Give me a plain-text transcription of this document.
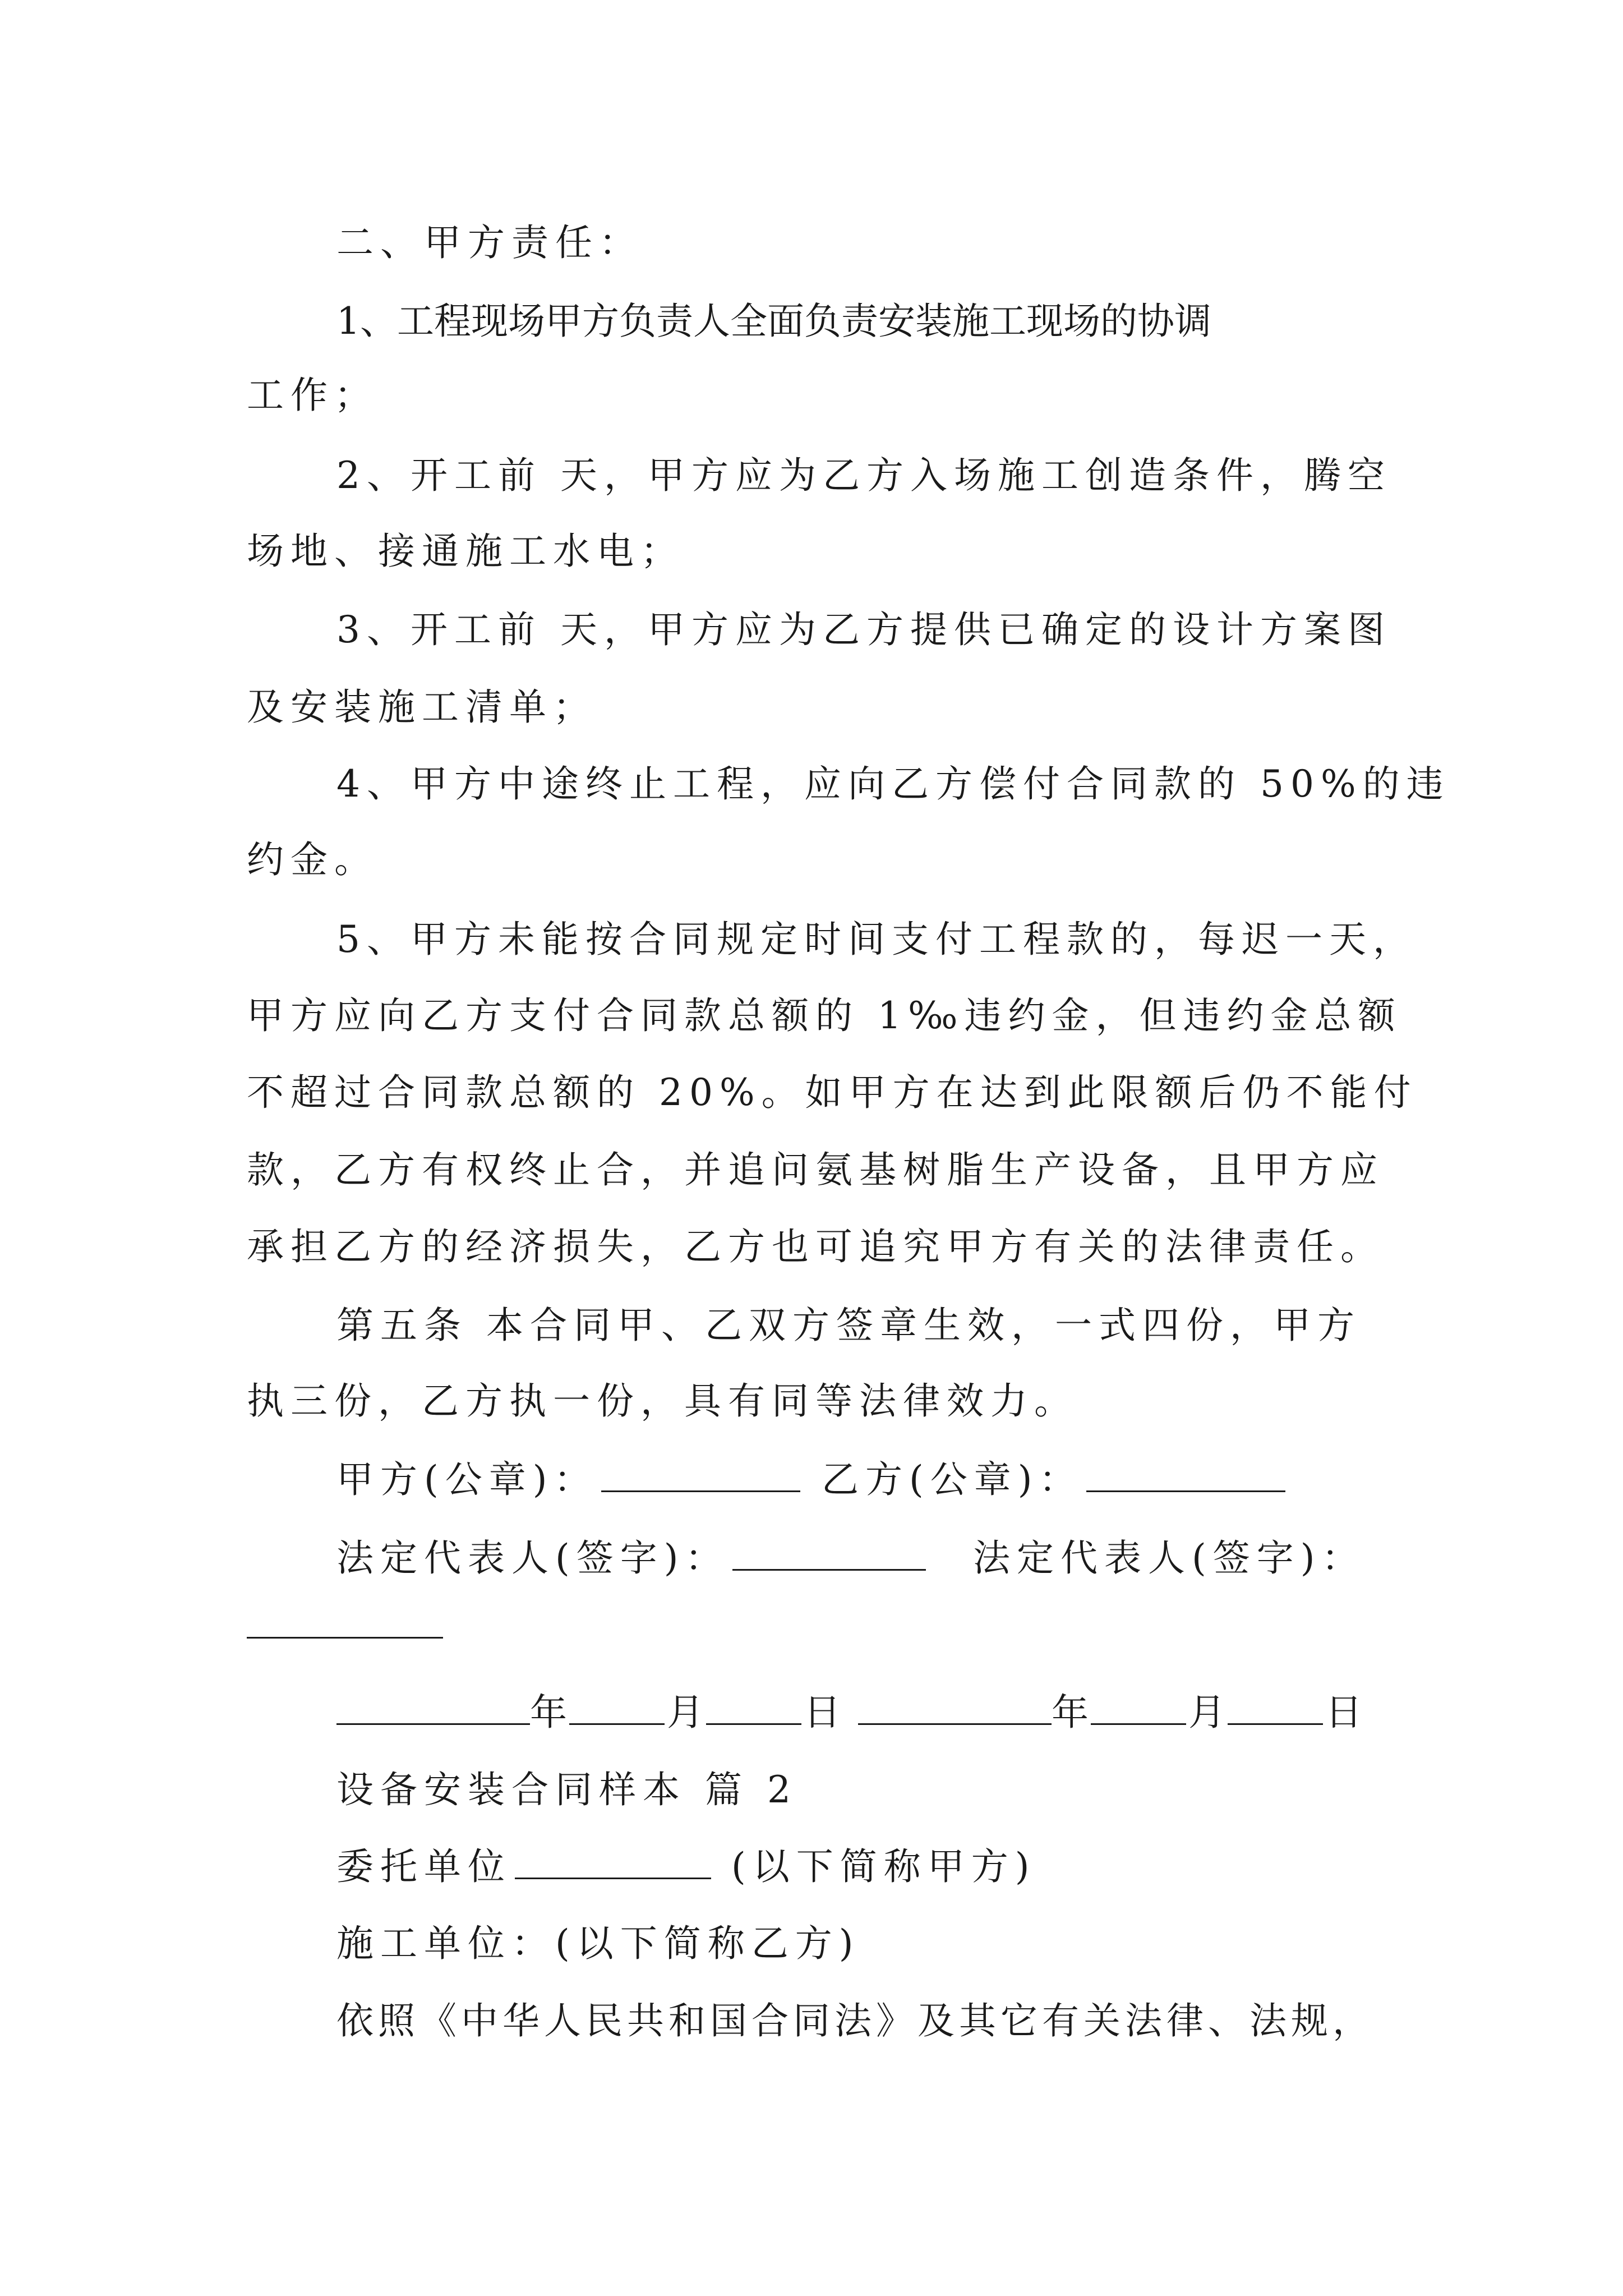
二、甲方责任：
1、工程现场甲方负责人全面负责安装施工现场的协调
工作；
2、开工前 天，甲方应为乙方入场施工创造条件，腾空
场地、接通施工水电；
3、开工前 天，甲方应为乙方提供已确定的设计方案图
及安装施工清单；
4、甲方中途终止工程，应向乙方偿付合同款的 50%的违
约金。
5、甲方未能按合同规定时间支付工程款的，每迟一天，
甲方应向乙方支付合同款总额的 1‰违约金，但违约金总额
不超过合同款总额的 20%。如甲方在达到此限额后仍不能付
款，乙方有权终止合，并追问氨基树脂生产设备，且甲方应
承担乙方的经济损失，乙方也可追究甲方有关的法律责任。
第五条 本合同甲、乙双方签章生效，一式四份，甲方
执三份，乙方执一份，具有同等法律效力。
甲方(公章)：	乙方(公章)：
法定代表人(签字)：	法定代表人(签字)：
年	月	日	年	月	日
设备安装合同样本 篇 2
委托单位	(以下简称甲方)
施工单位：(以下简称乙方)
依照《中华人民共和国合同法》及其它有关法律、法规，
